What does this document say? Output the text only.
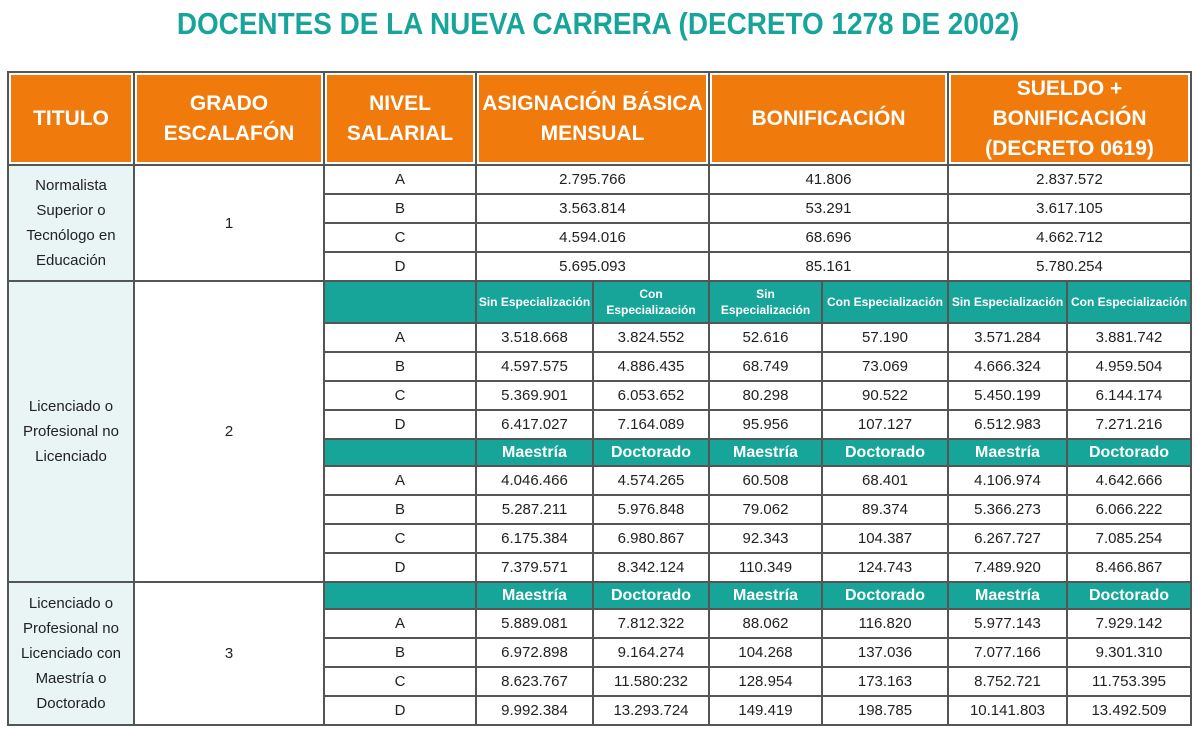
DOCENTES DE LA NUEVA CARRERA (DECRETO 1278 DE 2002)
TITULO	GRADO ESCALAFÓN	NIVEL SALARIAL	ASIGNACIÓN BÁSICA MENSUAL		BONIFICACIÓN		SUELDO + BONIFICACIÓN (DECRETO 0619)	
Normalista Superior o Tecnólogo en Educación	1	A	2.795.766		41.806		2.837.572	
		B	3.563.814		53.291		3.617.105	
		C	4.594.016		68.696		4.662.712	
		D	5.695.093		85.161		5.780.254	
Licenciado o Profesional no Licenciado	2		Sin Especialización	Con Especialización	Sin Especialización	Con Especialización	Sin Especialización	Con Especialización
		A	3.518.668	3.824.552	52.616	57.190	3.571.284	3.881.742
		B	4.597.575	4.886.435	68.749	73.069	4.666.324	4.959.504
		C	5.369.901	6.053.652	80.298	90.522	5.450.199	6.144.174
		D	6.417.027	7.164.089	95.956	107.127	6.512.983	7.271.216
			Maestría	Doctorado	Maestría	Doctorado	Maestría	Doctorado
		A	4.046.466	4.574.265	60.508	68.401	4.106.974	4.642.666
		B	5.287.211	5.976.848	79.062	89.374	5.366.273	6.066.222
		C	6.175.384	6.980.867	92.343	104.387	6.267.727	7.085.254
		D	7.379.571	8.342.124	110.349	124.743	7.489.920	8.466.867
Licenciado o Profesional no Licenciado con Maestría o Doctorado	3		Maestría	Doctorado	Maestría	Doctorado	Maestría	Doctorado
		A	5.889.081	7.812.322	88.062	116.820	5.977.143	7.929.142
		B	6.972.898	9.164.274	104.268	137.036	7.077.166	9.301.310
		C	8.623.767	11.580:232	128.954	173.163	8.752.721	11.753.395
		D	9.992.384	13.293.724	149.419	198.785	10.141.803	13.492.509
